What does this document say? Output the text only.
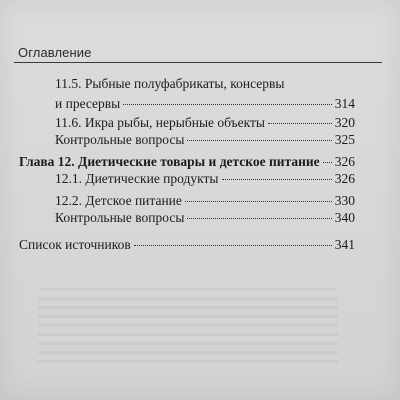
Оглавление
11.5. Рыбные полуфабрикаты, консервы
и пресервы	314
11.6. Икра рыбы, нерыбные объекты	320
Контрольные вопросы	325
Глава 12. Диетические товары и детское питание 326
12.1. Диетические продукты	326
12.2. Детское питание	330
Контрольные вопросы	340
Список источников	341
